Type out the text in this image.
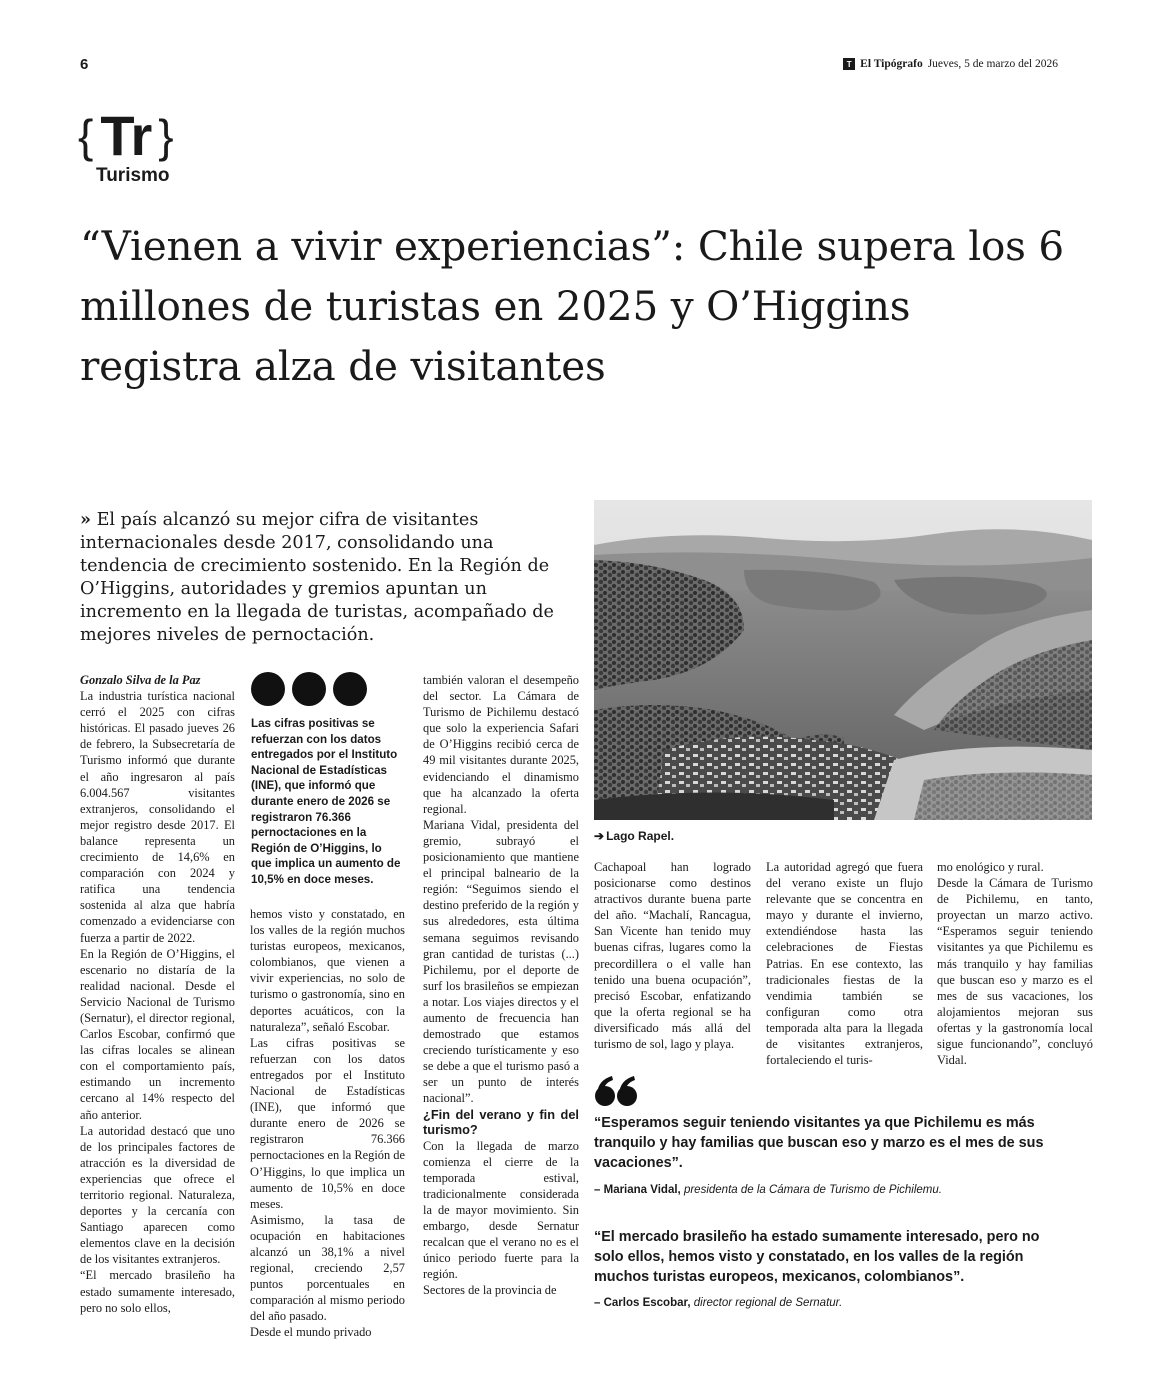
6	T El Tipógrafo Jueves, 5 de marzo del 2026
{ Tr }
Turismo
“Vienen a vivir experiencias”: Chile supera los 6 millones de turistas en 2025 y O’Higgins registra alza de visitantes

» El país alcanzó su mejor cifra de visitantes internacionales desde 2017, consolidando una tendencia de crecimiento sostenido. En la Región de O’Higgins, autoridades y gremios apuntan un incremento en la llegada de turistas, acompañado de mejores niveles de pernoctación.

➔ Lago Rapel.

Gonzalo Silva de la Paz

La industria turística nacional cerró el 2025 con cifras históricas. El pasado jueves 26 de febrero, la Subsecretaría de Turismo informó que durante el año ingresaron al país 6.004.567 visitantes extranjeros, consolidando el mejor registro desde 2017. El balance representa un crecimiento de 14,6% en comparación con 2024 y ratifica una tendencia sostenida al alza que habría comenzado a evidenciarse con fuerza a partir de 2022.

En la Región de O’Higgins, el escenario no distaría de la realidad nacional. Desde el Servicio Nacional de Turismo (Sernatur), el director regional, Carlos Escobar, confirmó que las cifras locales se alinean con el comportamiento país, estimando un incremento cercano al 14% respecto del año anterior.

La autoridad destacó que uno de los principales factores de atracción es la diversidad de experiencias que ofrece el territorio regional. Naturaleza, deportes y la cercanía con Santiago aparecen como elementos clave en la decisión de los visitantes extranjeros.

“El mercado brasileño ha estado sumamente interesado, pero no solo ellos,

Las cifras positivas se refuerzan con los datos entregados por el Instituto Nacional de Estadísticas (INE), que informó que durante enero de 2026 se registraron 76.366 pernoctaciones en la Región de O’Higgins, lo que implica un aumento de 10,5% en doce meses.

hemos visto y constatado, en los valles de la región muchos turistas europeos, mexicanos, colombianos, que vienen a vivir experiencias, no solo de turismo o gastronomía, sino en deportes acuáticos, con la naturaleza”, señaló Escobar.

Las cifras positivas se refuerzan con los datos entregados por el Instituto Nacional de Estadísticas (INE), que informó que durante enero de 2026 se registraron 76.366 pernoctaciones en la Región de O’Higgins, lo que implica un aumento de 10,5% en doce meses.

Asimismo, la tasa de ocupación en habitaciones alcanzó un 38,1% a nivel regional, creciendo 2,57 puntos porcentuales en comparación al mismo periodo del año pasado.

Desde el mundo privado

también valoran el desempeño del sector. La Cámara de Turismo de Pichilemu destacó que solo la experiencia Safari de O’Higgins recibió cerca de 49 mil visitantes durante 2025, evidenciando el dinamismo que ha alcanzado la oferta regional.

Mariana Vidal, presidenta del gremio, subrayó el posicionamiento que mantiene el principal balneario de la región: “Seguimos siendo el destino preferido de la región y sus alrededores, esta última semana seguimos revisando gran cantidad de turistas (...) Pichilemu, por el deporte de surf los brasileños se empiezan a notar. Los viajes directos y el aumento de frecuencia han demostrado que estamos creciendo turísticamente y eso se debe a que el turismo pasó a ser un punto de interés nacional”.

¿Fin del verano y fin del turismo?

Con la llegada de marzo comienza el cierre de la temporada estival, tradicionalmente considerada la de mayor movimiento. Sin embargo, desde Sernatur recalcan que el verano no es el único periodo fuerte para la región.

Sectores de la provincia de

Cachapoal han logrado posicionarse como destinos atractivos durante buena parte del año. “Machalí, Rancagua, San Vicente han tenido muy buenas cifras, lugares como la precordillera o el valle han tenido una buena ocupación”, precisó Escobar, enfatizando que la oferta regional se ha diversificado más allá del turismo de sol, lago y playa.

La autoridad agregó que fuera del verano existe un flujo relevante que se concentra en mayo y durante el invierno, extendiéndose hasta las celebraciones de Fiestas Patrias. En ese contexto, las tradicionales fiestas de la vendimia también se configuran como otra temporada alta para la llegada de visitantes extranjeros, fortaleciendo el turis-

mo enológico y rural.

Desde la Cámara de Turismo de Pichilemu, en tanto, proyectan un marzo activo. “Esperamos seguir teniendo visitantes ya que Pichilemu es más tranquilo y hay familias que buscan eso y marzo es el mes de sus vacaciones, los alojamientos mejoran sus ofertas y la gastronomía local sigue funcionando”, concluyó Vidal.

“Esperamos seguir teniendo visitantes ya que Pichilemu es más tranquilo y hay familias que buscan eso y marzo es el mes de sus vacaciones”.

– Mariana Vidal, presidenta de la Cámara de Turismo de Pichilemu.

“El mercado brasileño ha estado sumamente interesado, pero no solo ellos, hemos visto y constatado, en los valles de la región muchos turistas europeos, mexicanos, colombianos”.

– Carlos Escobar, director regional de Sernatur.
